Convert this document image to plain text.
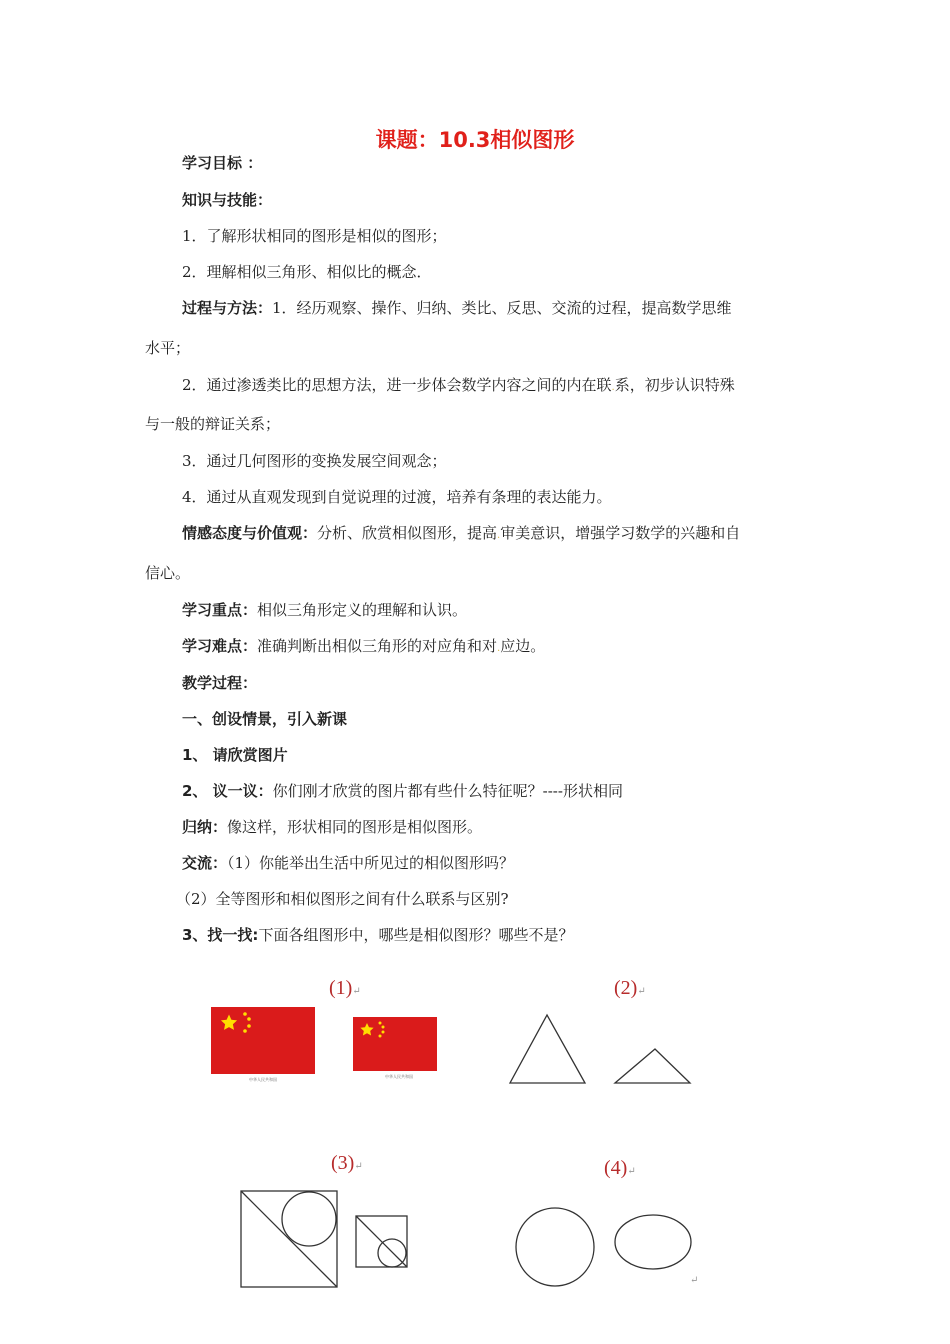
课题：10.3相似图形
学习目标 ：
知识与技能：
1．了解形状相同的图形是相似的图形；
2．理解相似三角形、相似比的概念．
过程与方法：1．经历观察、操作、归纳、类比、反思、交流的过程，提高数学思维
水平；
2．通过渗透类比的思想方法，进一步体会数学内容之间的内在联.系，初步认识特殊
与一般的辩证关系；
3．通过几何图形的变换发展空间观念；
4．通过从直观发现到自觉说理的过渡，培养有条理的表达能力。
情感态度与价值观：分析、欣赏相似图形，提高.审美意识，增强学习数学的兴趣和自
信心。
学习重点：相似三角形定义的理解和认识。
学习难点：准确判断出相似三角形的对应角和对.应边。
教学过程：
一、创设情景，引入新课
1、 请欣赏图片
2、 议一议：你们刚才欣赏的图片都有些什么特征呢？----形状相同
归纳：像这样，形状相同的图形是相似图形。
交流：（1）你能举出生活中所见过的相似图形吗？
（2）全等图形和相似图形之间有什么联系与区别?
3、找一找:下面各组图形中，哪些是相似图形？哪些不是？
(1)↵
中华人民共和国
中华人民共和国
(2)↵
(3)↵	(4)↵
↵
